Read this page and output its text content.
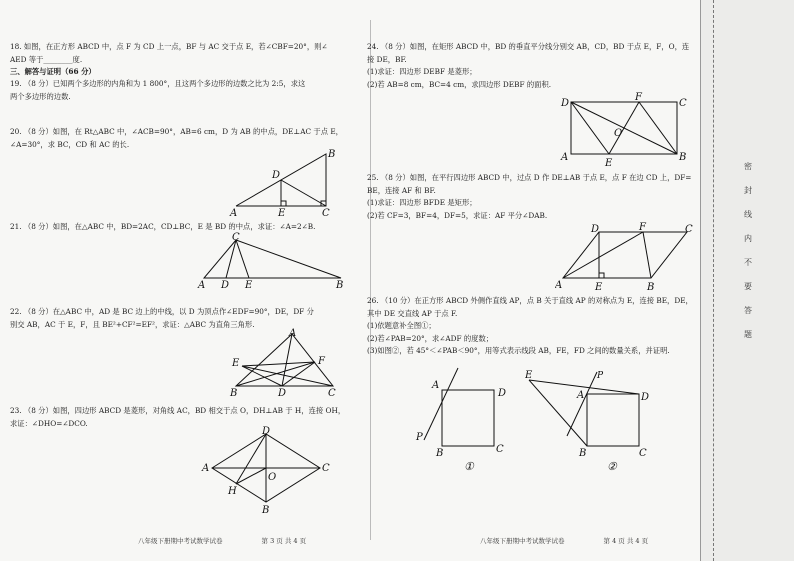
18. 如图，在正方形 ABCD 中，点 F 为 CD 上一点，BF 与 AC 交于点 E，若∠CBF=20°，则∠
AED 等于________度.
三、解答与证明（66 分）
19. （8 分）已知两个多边形的内角和为 1 800°，且这两个多边形的边数之比为 2:5，求这
两个多边形的边数.
20. （8 分）如图，在 Rt△ABC 中，∠ACB=90°，AB=6 cm，D 为 AB 的中点，DE⊥AC 于点 E，
∠A=30°，求 BC，CD 和 AC 的长.
B
D
A	E	C
21. （8 分）如图，在△ABC 中，BD=2AC，CD⊥BC，E 是 BD 的中点，求证：∠A=2∠B.
C
A D E	B
22. （8 分）在△ABC 中，AD 是 BC 边上的中线，以 D 为顶点作∠EDF=90°，DE，DF 分
别交 AB，AC 于 E，F，且 BE²+CF²=EF²，求证：△ABC 为直角三角形.
A
E	F
B	D	C
23. （8 分）如图，四边形 ABCD 是菱形，对角线 AC，BD 相交于点 O，DH⊥AB 于 H，连接 OH，
求证：∠DHO=∠DCO.
D
A
O
C
H
B
八年级下册期中考试数学试卷　　　　　　第 3 页 共 4 页
24. （8 分）如图，在矩形 ABCD 中，BD 的垂直平分线分别交 AB，CD，BD 于点 E，F，O，连
接 DE，BF.
(1)求证：四边形 DEBF 是菱形；
(2)若 AB=8 cm，BC=4 cm，求四边形 DEBF 的面积.
D
F
C
O
A
E
B
25. （8 分）如图，在平行四边形 ABCD 中，过点 D 作 DE⊥AB 于点 E，点 F 在边 CD 上，DF=
BE，连接 AF 和 BF.
(1)求证：四边形 BFDE 是矩形；
(2)若 CF=3，BF=4，DF=5，求证：AF 平分∠DAB.
D	F	C
A	E	B
26. （10 分）在正方形 ABCD 外侧作直线 AP，点 B 关于直线 AP 的对称点为 E，连接 BE，DE，
其中 DE 交直线 AP 于点 F.
(1)依题意补全图①；
(2)若∠PAB=20°，求∠ADF 的度数；
(3)如图②，若 45°＜∠PAB＜90°，用等式表示线段 AB，FE，FD 之间的数量关系，并证明.
A
D
P
B	C
①
E	P
A	D
B	C
②
八年级下册期中考试数学试卷　　　　　　第 4 页 共 4 页
密
封
线
内
不
要
答
题
